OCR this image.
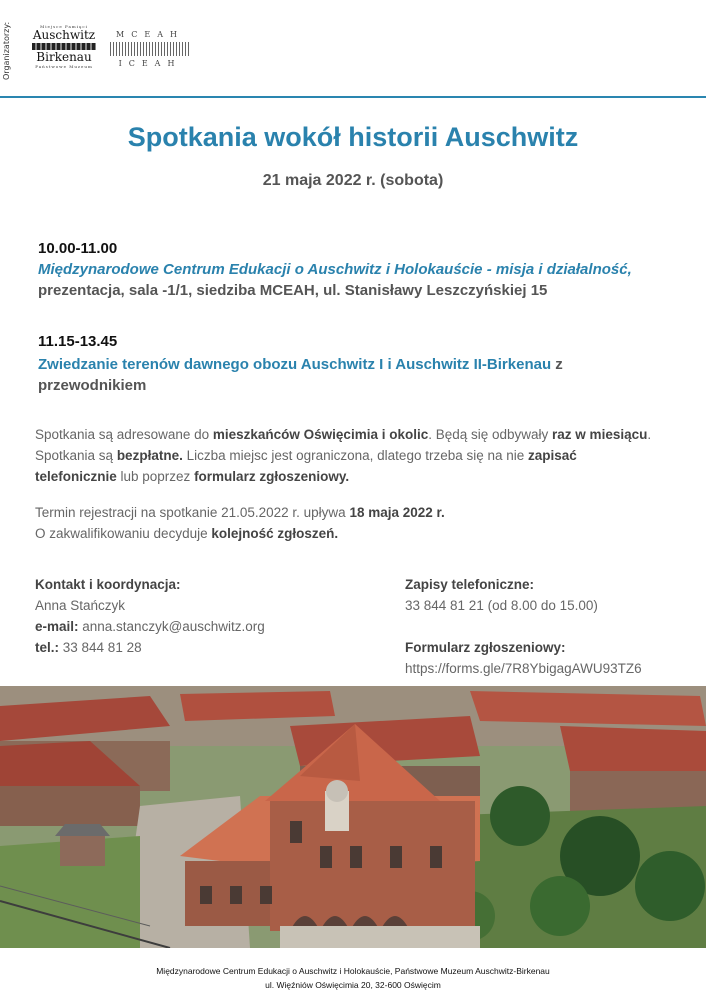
Organizatorzy:	Miejsce Pamięci
Auschwitz
Birkenau
Państwowe Muzeum
MCEAH
ICEAH
Spotkania wokół historii Auschwitz
21 maja 2022 r. (sobota)
10.00-11.00
Międzynarodowe Centrum Edukacji o Auschwitz i Holokauście - misja i działalność,
prezentacja, sala -1/1, siedziba MCEAH, ul. Stanisławy Leszczyńskiej 15
11.15-13.45
Zwiedzanie terenów dawnego obozu Auschwitz I i Auschwitz II-Birkenau z
przewodnikiem
Spotkania są adresowane do mieszkańców Oświęcimia i okolic. Będą się odbywały raz w miesiącu. Spotkania są bezpłatne. Liczba miejsc jest ograniczona, dlatego trzeba się na nie zapisać telefonicznie lub poprzez formularz zgłoszeniowy.
Termin rejestracji na spotkanie 21.05.2022 r. upływa 18 maja 2022 r.
O zakwalifikowaniu decyduje kolejność zgłoszeń.
Kontakt i koordynacja:
Anna Stańczyk
e-mail: anna.stanczyk@auschwitz.org
tel.: 33 844 81 28
Zapisy telefoniczne:
33 844 81 21 (od 8.00 do 15.00)
Formularz zgłoszeniowy:
https://forms.gle/7R8YbigagAWU93TZ6
Międzynarodowe Centrum Edukacji o Auschwitz i Holokauście, Państwowe Muzeum Auschwitz-Birkenau
ul. Więźniów Oświęcimia 20, 32-600 Oświęcim
